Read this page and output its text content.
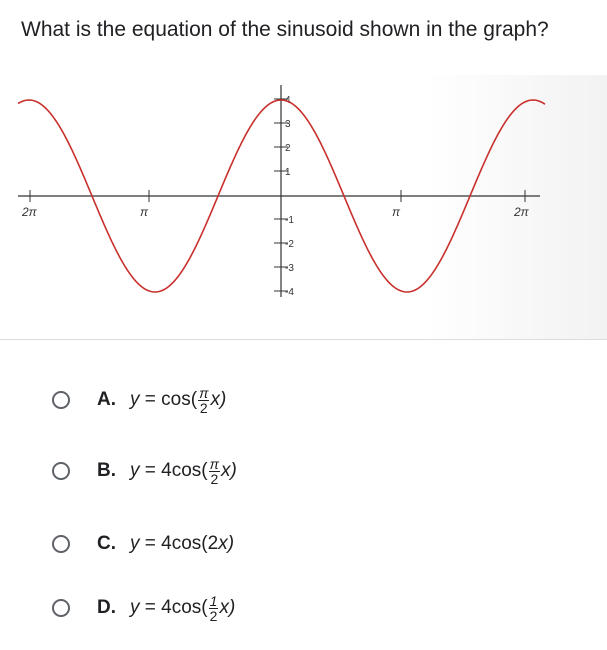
What is the equation of the sinusoid shown in the graph?
2π	π	π	2π
4
3
2
1
-1
-2
-3
-4
A. y
=
$\cos( \frac{\pi}{2} x)$
B. y
=
$4\cos( \frac{\pi}{2} x)$
C. y
=
4cos(2 x)
D. y
=
$4\cos( \frac{1}{2} x)$
